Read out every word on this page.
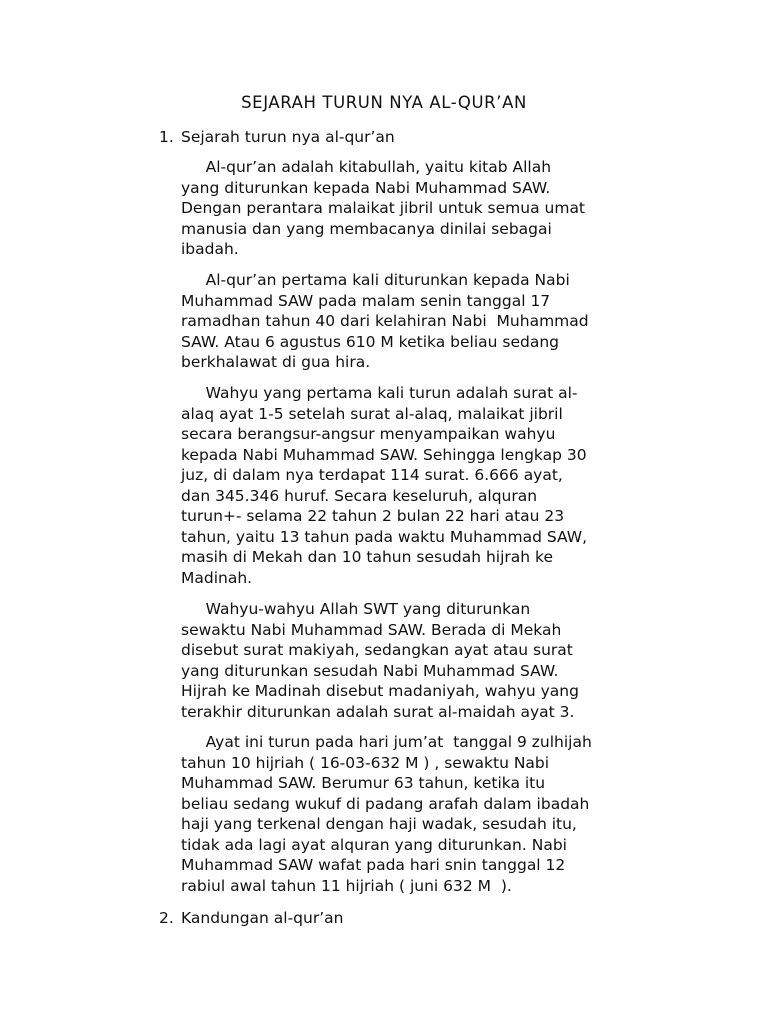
SEJARAH TURUN NYA AL-QUR’AN
1. Sejarah turun nya al-qur’an
Al-qur’an adalah kitabullah, yaitu kitab Allah
yang diturunkan kepada Nabi Muhammad SAW.
Dengan perantara malaikat jibril untuk semua umat
manusia dan yang membacanya dinilai sebagai
ibadah.
Al-qur’an pertama kali diturunkan kepada Nabi
Muhammad SAW pada malam senin tanggal 17
ramadhan tahun 40 dari kelahiran Nabi  Muhammad
SAW. Atau 6 agustus 610 M ketika beliau sedang
berkhalawat di gua hira.
Wahyu yang pertama kali turun adalah surat al-
alaq ayat 1-5 setelah surat al-alaq, malaikat jibril
secara berangsur-angsur menyampaikan wahyu
kepada Nabi Muhammad SAW. Sehingga lengkap 30
juz, di dalam nya terdapat 114 surat. 6.666 ayat,
dan 345.346 huruf. Secara keseluruh, alquran
turun+- selama 22 tahun 2 bulan 22 hari atau 23
tahun, yaitu 13 tahun pada waktu Muhammad SAW,
masih di Mekah dan 10 tahun sesudah hijrah ke
Madinah.
Wahyu-wahyu Allah SWT yang diturunkan
sewaktu Nabi Muhammad SAW. Berada di Mekah
disebut surat makiyah, sedangkan ayat atau surat
yang diturunkan sesudah Nabi Muhammad SAW.
Hijrah ke Madinah disebut madaniyah, wahyu yang
terakhir diturunkan adalah surat al-maidah ayat 3.
Ayat ini turun pada hari jum’at  tanggal 9 zulhijah
tahun 10 hijriah ( 16-03-632 M ) , sewaktu Nabi
Muhammad SAW. Berumur 63 tahun, ketika itu
beliau sedang wukuf di padang arafah dalam ibadah
haji yang terkenal dengan haji wadak, sesudah itu,
tidak ada lagi ayat alquran yang diturunkan. Nabi
Muhammad SAW wafat pada hari snin tanggal 12
rabiul awal tahun 11 hijriah ( juni 632 M  ).
2. Kandungan al-qur’an
